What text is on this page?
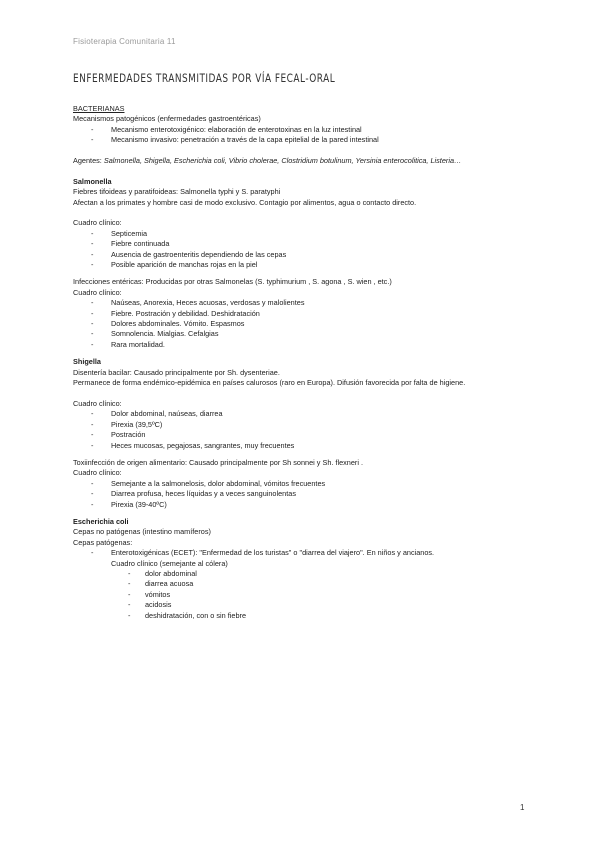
Fisioterapia Comunitaria 11
ENFERMEDADES TRANSMITIDAS POR VÍA FECAL-ORAL
BACTERIANAS
Mecanismos patogénicos (enfermedades gastroentéricas)
- Mecanismo enterotoxigénico: elaboración de enterotoxinas en la luz intestinal
- Mecanismo invasivo: penetración a través de la capa epitelial de la pared intestinal
Agentes: Salmonella, Shigella, Escherichia coli, Vibrio cholerae, Clostridium botulinum, Yersinia enterocolitica, Listeria…
Salmonella
Fiebres tifoideas y paratifoideas: Salmonella typhi y S. paratyphi
Afectan a los primates y hombre casi de modo exclusivo. Contagio por alimentos, agua o contacto directo.
Cuadro clínico:
- Septicemia
- Fiebre continuada
- Ausencia de gastroenteritis dependiendo de las cepas
- Posible aparición de manchas rojas en la piel
Infecciones entéricas: Producidas por otras Salmonelas (S. typhimurium , S. agona , S. wien , etc.)
Cuadro clínico:
- Naúseas, Anorexia, Heces acuosas, verdosas y malolientes
- Fiebre. Postración y debilidad. Deshidratación
- Dolores abdominales. Vómito. Espasmos
- Somnolencia. Mialgias. Cefalgias
- Rara mortalidad.
Shigella
Disentería bacilar: Causado principalmente por Sh. dysenteriae.
Permanece de forma endémico-epidémica en países calurosos (raro en Europa). Difusión favorecida por falta de higiene.
Cuadro clínico:
- Dolor abdominal, naúseas, diarrea
- Pirexia (39,5ºC)
- Postración
- Heces mucosas, pegajosas, sangrantes, muy frecuentes
Toxiinfección de origen alimentario: Causado principalmente por Sh sonnei y Sh. flexneri .
Cuadro clínico:
- Semejante a la salmonelosis, dolor abdominal, vómitos frecuentes
- Diarrea profusa, heces líquidas y a veces sanguinolentas
- Pirexia (39-40ºC)
Escherichia coli
Cepas no patógenas (intestino mamíferos)
Cepas patógenas:
- Enterotoxigénicas (ECET): "Enfermedad de los turistas" o "diarrea del viajero". En niños y ancianos.
Cuadro clínico (semejante al cólera)
- dolor abdominal
- diarrea acuosa
- vómitos
- acidosis
- deshidratación, con o sin fiebre
1
